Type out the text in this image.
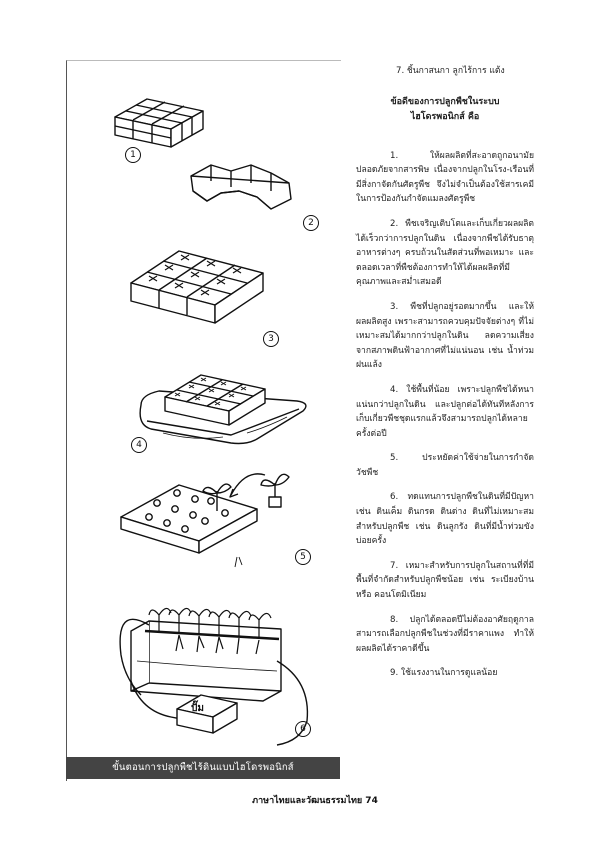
1
2
3
4
5
6
ปั๊ม
ขั้นตอนการปลูกพืชไร้ดินแบบไฮโดรพอนิกส์

7. ชิ้นกาสนกา ลูกไร้การ แต้ง

ข้อดีของการปลูกพืชในระบบ
ไฮโดรพอนิกส์ คือ

1. ให้ผลผลิตที่สะอาดถูกอนามัย ปลอดภัยจากสารพิษ เนื่องจากปลูกในโรง-เรือนที่มีสิ่งกาจัดกันศัตรูพืช จึงไม่จำเป็นต้องใช้สารเคมีในการป้องกันกำจัดแมลงศัตรูพืช

2. พืชเจริญเติบโตและเก็บเกี่ยวผลผลิตได้เร็วกว่าการปลูกในดิน เนื่องจากพืชได้รับธาตุอาหารต่างๆ ครบถ้วนในสัดส่วนที่พอเหมาะ และตลอดเวลาที่พืชต้องการทำให้ได้ผลผลิตที่มีคุณภาพและสม่ำเสมอดี

3. พืชที่ปลูกอยู่รอดมากขึ้น และให้ผลผลิตสูง เพราะสามารถควบคุมปัจจัยต่างๆ ที่ไม่เหมาะสมได้มากกว่าปลูกในดิน ลดความเสี่ยงจากสภาพดินฟ้าอากาศที่ไม่แน่นอน เช่น น้ำท่วม ฝนแล้ง

4. ใช้พื้นที่น้อย เพราะปลูกพืชได้หนาแน่นกว่าปลูกในดิน และปลูกต่อได้ทันทีหลังการเก็บเกี่ยวพืชชุดแรกแล้วจึงสามารถปลูกได้หลายครั้งต่อปี

5. ประหยัดค่าใช้จ่ายในการกำจัดวัชพืช

6. ทดแทนการปลูกพืชในดินที่มีปัญหา เช่น ดินเค็ม ดินกรด ดินด่าง ดินที่ไม่เหมาะสมสำหรับปลูกพืช เช่น ดินลูกรัง ดินที่มีน้ำท่วมขังบ่อยครั้ง

7. เหมาะสำหรับการปลูกในสถานที่ที่มีพื้นที่จำกัดสำหรับปลูกพืชน้อย เช่น ระเบียงบ้าน หรือ คอนโดมิเนียม

8. ปลูกได้ตลอดปีไม่ต้องอาศัยฤดูกาล สามารถเลือกปลูกพืชในช่วงที่มีราคาแพง ทำให้ผลผลิตได้ราคาดีขึ้น

9. ใช้แรงงานในการดูแลน้อย

ภาษาไทยและวัฒนธรรมไทย 74
